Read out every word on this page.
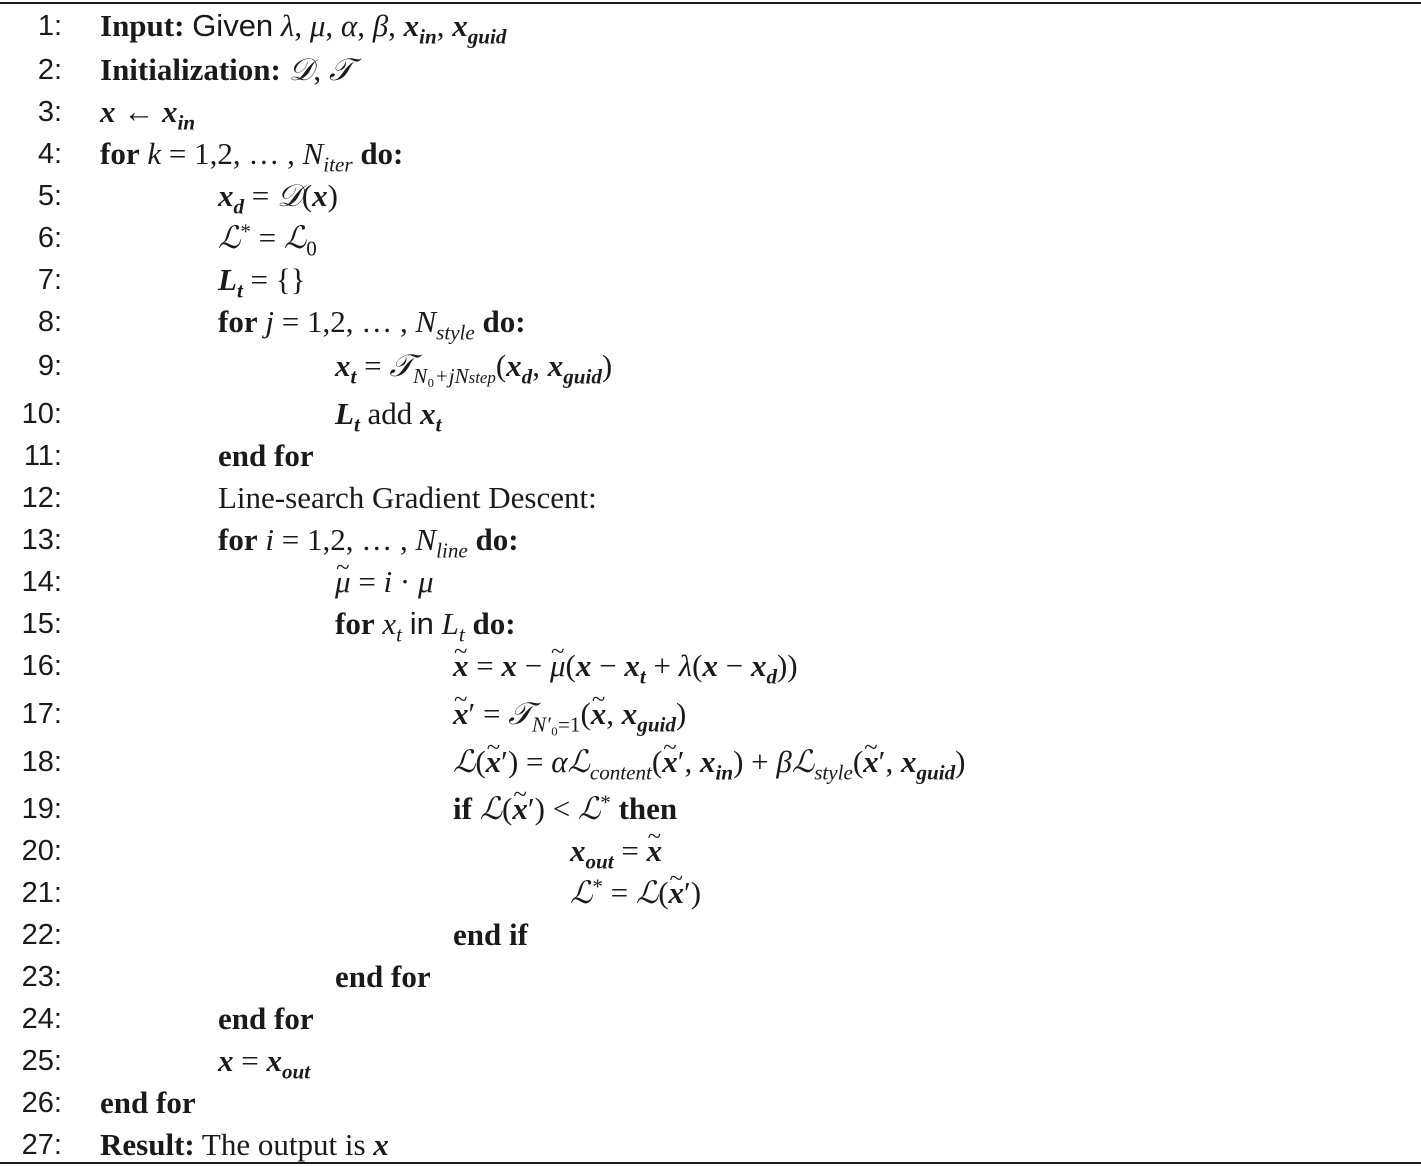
1: Input: Given λ, μ, α, β, $x_{in}$, $x_{guid}$
2: Initialization: 𝒟, 𝒯
3: x ← $x_{in}$
4: for k = 1,2, … , $N_{iter}$ do:
5:	$x_d$ = 𝒟(x)
6:	ℒ* = ℒ$_0$
7:	$L_t$ = {}
8:	for j = 1,2, … , $N_{style}$ do:
9:	$x_t$ = $𝒯_{N_0+jNstep}(x_d$, $x_{guid}$)
10:	$L_t$ add $x_t$
11:	end for
12:	Line-search Gradient Descent:
13:	for i = 1,2, … , $N_{line}$ do:
14:	~ μ = i · μ
15:	for $x_t$ in $L_t$ do:
16:	~ x = x − ~ $\mu(x - x_t + \lambda(x - x_d))$
17:	~ x′ = 𝒯$_{N'_0=1}$(~ x, $x_{guid}$)
18:	ℒ(~ x′) = αℒ$_{content}$(~ x′, $x_{in}$) + βℒ$_{style}$(~ x′, $x_{guid}$)
19:	if ℒ(~ x′) < ℒ* then
20:	$x_{out}$ = ~ x
21:	ℒ* = ℒ(~ x′)
22:	end if
23:	end for
24:	end for
25:	$x = x_{out}$
26: end for
27: Result: The output is x
